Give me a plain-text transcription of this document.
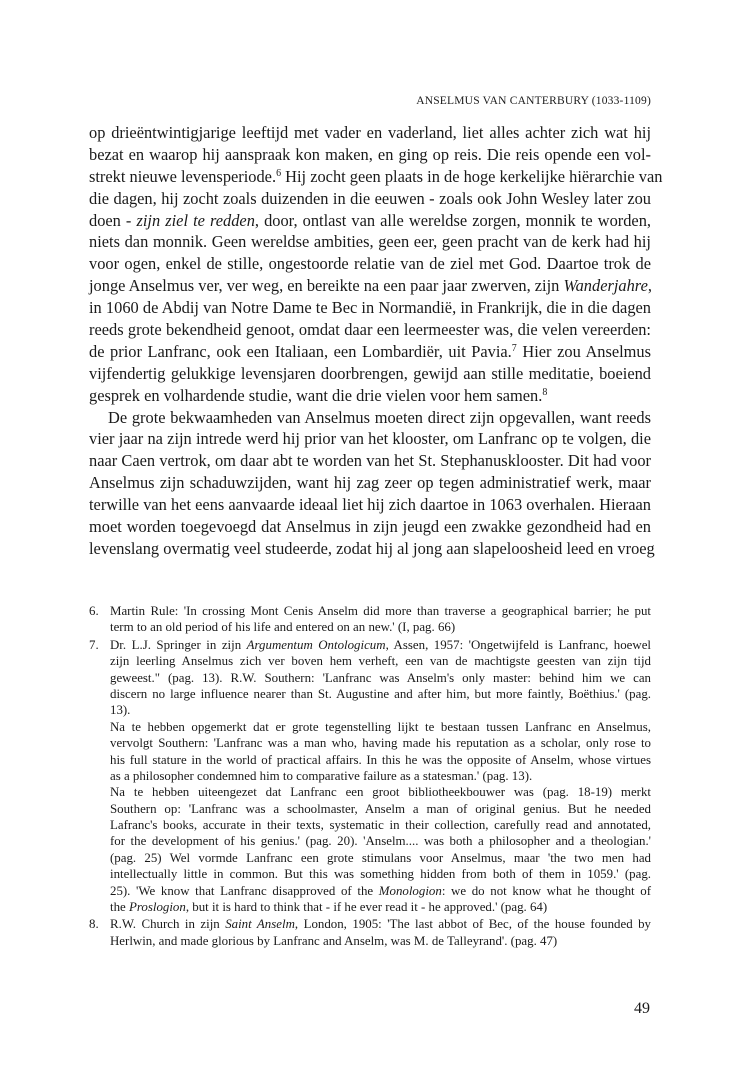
ANSELMUS VAN CANTERBURY (1033-1109)
op drieëntwintigjarige leeftijd met vader en vaderland, liet alles achter zich wat hij
bezat en waarop hij aanspraak kon maken, en ging op reis. Die reis opende een vol-
strekt nieuwe levensperiode.$^6$ Hij zocht geen plaats in de hoge kerkelijke hiërarchie van
die dagen, hij zocht zoals duizenden in die eeuwen - zoals ook John Wesley later zou
doen - zijn ziel te redden, door, ontlast van alle wereldse zorgen, monnik te worden,
niets dan monnik. Geen wereldse ambities, geen eer, geen pracht van de kerk had hij
voor ogen, enkel de stille, ongestoorde relatie van de ziel met God. Daartoe trok de
jonge Anselmus ver, ver weg, en bereikte na een paar jaar zwerven, zijn Wanderjahre,
in 1060 de Abdij van Notre Dame te Bec in Normandië, in Frankrijk, die in die dagen
reeds grote bekendheid genoot, omdat daar een leermeester was, die velen vereerden:
de prior Lanfranc, ook een Italiaan, een Lombardiër, uit Pavia.$^7$ Hier zou Anselmus
vijfendertig gelukkige levensjaren doorbrengen, gewijd aan stille meditatie, boeiend
gesprek en volhardende studie, want die drie vielen voor hem samen.$^8$
De grote bekwaamheden van Anselmus moeten direct zijn opgevallen, want reeds
vier jaar na zijn intrede werd hij prior van het klooster, om Lanfranc op te volgen, die
naar Caen vertrok, om daar abt te worden van het St. Stephanusklooster. Dit had voor
Anselmus zijn schaduwzijden, want hij zag zeer op tegen administratief werk, maar
terwille van het eens aanvaarde ideaal liet hij zich daartoe in 1063 overhalen. Hieraan
moet worden toegevoegd dat Anselmus in zijn jeugd een zwakke gezondheid had en
levenslang overmatig veel studeerde, zodat hij al jong aan slapeloosheid leed en vroeg
6. Martin Rule: 'In crossing Mont Cenis Anselm did more than traverse a geographical barrier; he put
term to an old period of his life and entered on an new.' (I, pag. 66)
7. Dr. L.J. Springer in zijn Argumentum Ontologicum, Assen, 1957: 'Ongetwijfeld is Lanfranc, hoewel
zijn leerling Anselmus zich ver boven hem verheft, een van de machtigste geesten van zijn tijd
geweest." (pag. 13). R.W. Southern: 'Lanfranc was Anselm's only master: behind him we can
discern no large influence nearer than St. Augustine and after him, but more faintly, Boëthius.' (pag.
13).
Na te hebben opgemerkt dat er grote tegenstelling lijkt te bestaan tussen Lanfranc en Anselmus,
vervolgt Southern: 'Lanfranc was a man who, having made his reputation as a scholar, only rose to
his full stature in the world of practical affairs. In this he was the opposite of Anselm, whose virtues
as a philosopher condemned him to comparative failure as a statesman.' (pag. 13).
Na te hebben uiteengezet dat Lanfranc een groot bibliotheekbouwer was (pag. 18-19) merkt
Southern op: 'Lanfranc was a schoolmaster, Anselm a man of original genius. But he needed
Lafranc's books, accurate in their texts, systematic in their collection, carefully read and annotated,
for the development of his genius.' (pag. 20). 'Anselm.... was both a philosopher and a theologian.'
(pag. 25) Wel vormde Lanfranc een grote stimulans voor Anselmus, maar 'the two men had
intellectually little in common. But this was something hidden from both of them in 1059.' (pag.
25). 'We know that Lanfranc disapproved of the Monologion: we do not know what he thought of
the Proslogion, but it is hard to think that - if he ever read it - he approved.' (pag. 64)
8. R.W. Church in zijn Saint Anselm, London, 1905: 'The last abbot of Bec, of the house founded by
Herlwin, and made glorious by Lanfranc and Anselm, was M. de Talleyrand'. (pag. 47)
49
